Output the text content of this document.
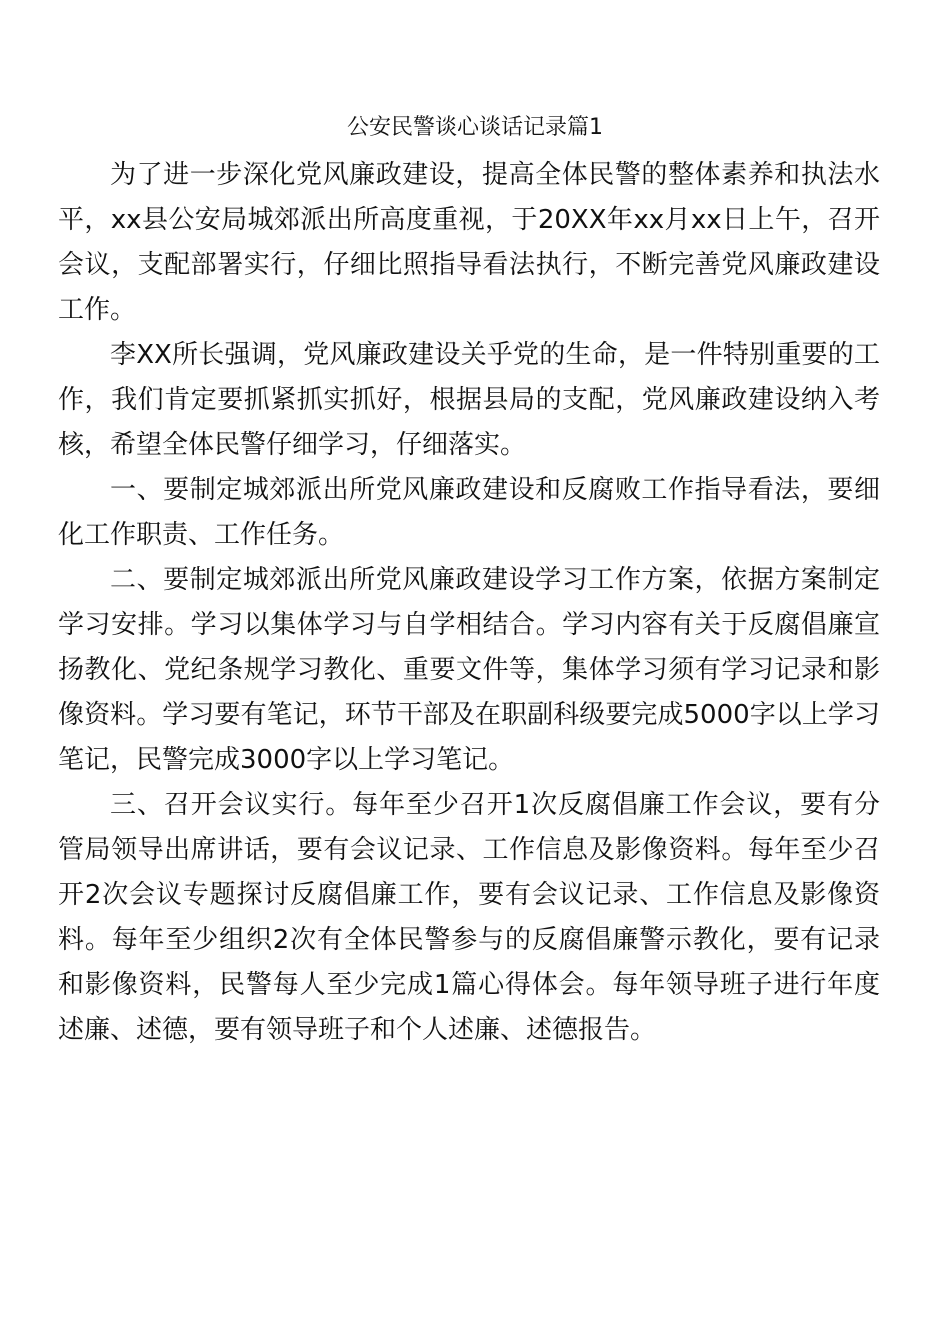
公安民警谈心谈话记录篇1

为了进一步深化党风廉政建设，提高全体民警的整体素养和执法水平，xx县公安局城郊派出所高度重视，于20XX年xx月xx日上午，召开会议，支配部署实行，仔细比照指导看法执行，不断完善党风廉政建设工作。

李XX所长强调，党风廉政建设关乎党的生命，是一件特别重要的工作，我们肯定要抓紧抓实抓好，根据县局的支配，党风廉政建设纳入考核，希望全体民警仔细学习，仔细落实。

一、要制定城郊派出所党风廉政建设和反腐败工作指导看法，要细化工作职责、工作任务。

二、要制定城郊派出所党风廉政建设学习工作方案，依据方案制定学习安排。学习以集体学习与自学相结合。学习内容有关于反腐倡廉宣扬教化、党纪条规学习教化、重要文件等，集体学习须有学习记录和影像资料。学习要有笔记，环节干部及在职副科级要完成5000字以上学习笔记，民警完成3000字以上学习笔记。

三、召开会议实行。每年至少召开1次反腐倡廉工作会议，要有分管局领导出席讲话，要有会议记录、工作信息及影像资料。每年至少召开2次会议专题探讨反腐倡廉工作，要有会议记录、工作信息及影像资料。每年至少组织2次有全体民警参与的反腐倡廉警示教化，要有记录和影像资料，民警每人至少完成1篇心得体会。每年领导班子进行年度述廉、述德，要有领导班子和个人述廉、述德报告。
